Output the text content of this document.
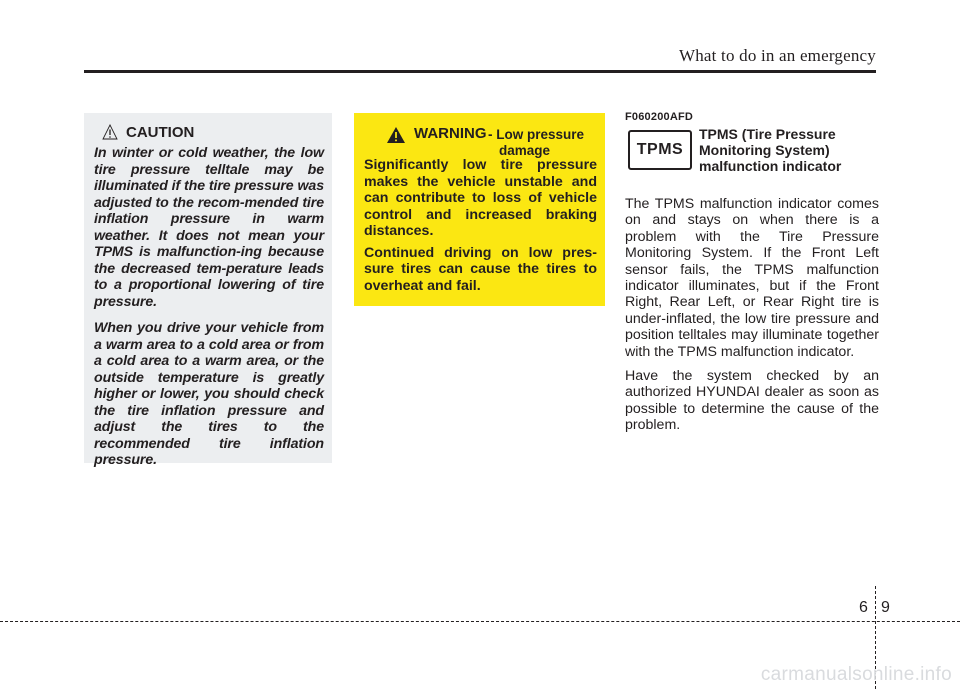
What to do in an emergency
CAUTION

In winter or cold weather, the low tire pressure telltale may be illuminated if the tire pressure was adjusted to the recom-mended tire inflation pressure in warm weather. It does not mean your TPMS is malfunction-ing because the decreased tem-perature leads to a proportional lowering of tire pressure.

When you drive your vehicle from a warm area to a cold area or from a cold area to a warm area, or the outside temperature is greatly higher or lower, you should check the tire inflation pressure and adjust the tires to the recommended tire inflation pressure.

WARNING - Low pressure
damage

Significantly low tire pressure makes the vehicle unstable and can contribute to loss of vehicle control and increased braking distances.

Continued driving on low pres-sure tires can cause the tires to overheat and fail.

F060200AFD
TPMS
TPMS (Tire Pressure Monitoring System) malfunction indicator

The TPMS malfunction indicator comes on and stays on when there is a problem with the Tire Pressure Monitoring System. If the Front Left sensor fails, the TPMS malfunction indicator illuminates, but if the Front Right, Rear Left, or Rear Right tire is under-inflated, the low tire pressure and position telltales may illuminate together with the TPMS malfunction indicator.

Have the system checked by an authorized HYUNDAI dealer as soon as possible to determine the cause of the problem.

6 9
carmanualsonline.info
